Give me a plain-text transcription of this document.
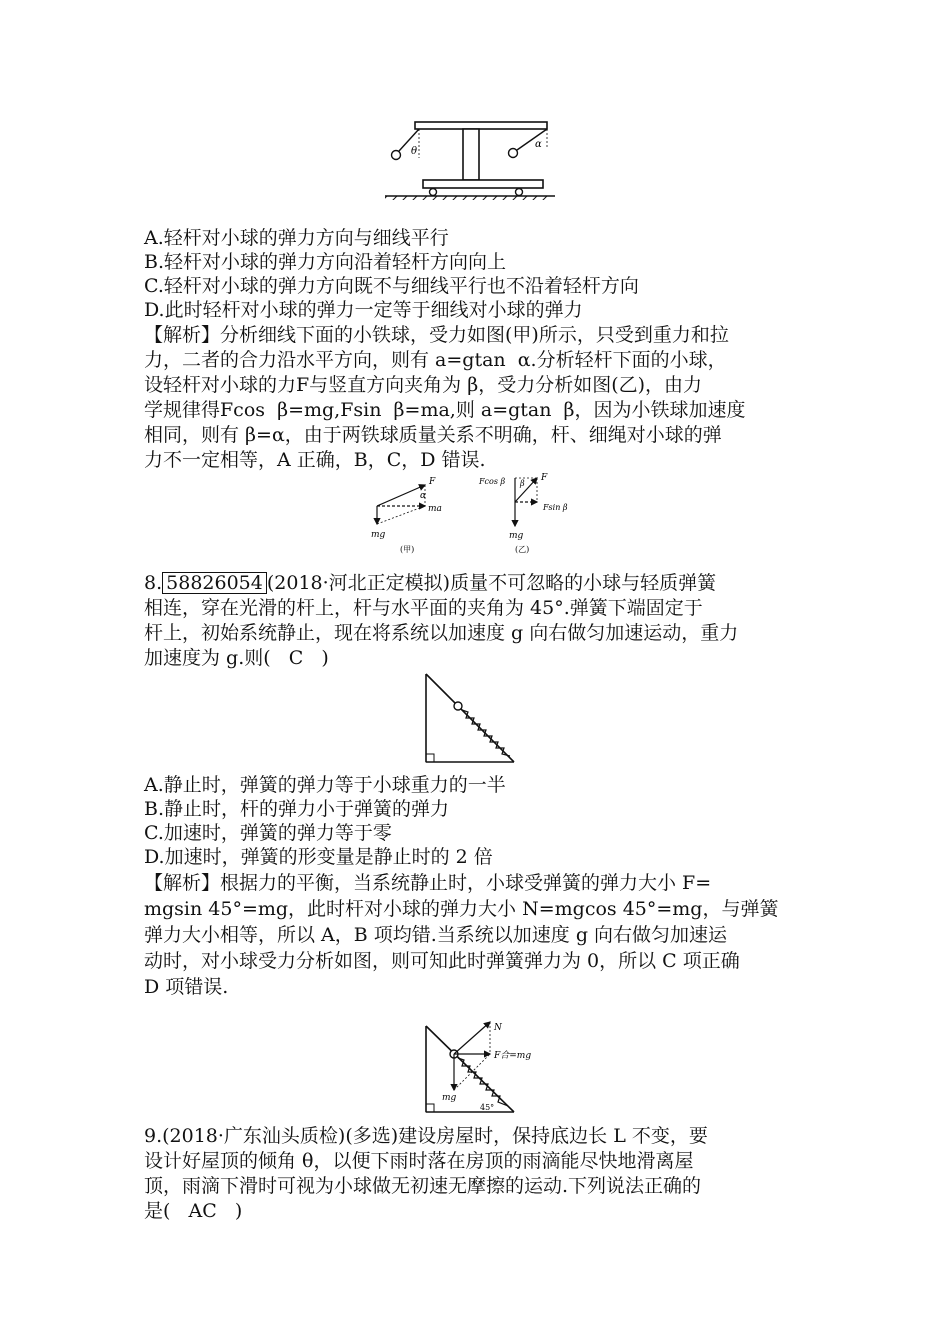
θ
α
A.轻杆对小球的弹力方向与细线平行
B.轻杆对小球的弹力方向沿着轻杆方向向上
C.轻杆对小球的弹力方向既不与细线平行也不沿着轻杆方向
D.此时轻杆对小球的弹力一定等于细线对小球的弹力
【解析】分析细线下面的小铁球，受力如图(甲)所示，只受到重力和拉
力，二者的合力沿水平方向，则有 a=gtan  α.分析轻杆下面的小球，
设轻杆对小球的力F与竖直方向夹角为 β，受力分析如图(乙)，由力
学规律得Fcos  β=mg,Fsin  β=ma,则 a=gtan  β，因为小铁球加速度
相同，则有 β=α，由于两铁球质量关系不明确，杆、细绳对小球的弹
力不一定相等，A 正确，B，C，D 错误.
F
α
ma
mg
(甲)
Fcos β β
F
Fsin β
mg
(乙)
8. 58826054 (2018·河北正定模拟)质量不可忽略的小球与轻质弹簧
相连，穿在光滑的杆上，杆与水平面的夹角为 45°.弹簧下端固定于
杆上，初始系统静止，现在将系统以加速度 g 向右做匀加速运动，重力
加速度为 g.则(   C   )
A.静止时，弹簧的弹力等于小球重力的一半
B.静止时，杆的弹力小于弹簧的弹力
C.加速时，弹簧的弹力等于零
D.加速时，弹簧的形变量是静止时的 2 倍
【解析】根据力的平衡，当系统静止时，小球受弹簧的弹力大小 F=
mgsin 45°=mg，此时杆对小球的弹力大小 N=mgcos 45°=mg，与弹簧
弹力大小相等，所以 A，B 项均错.当系统以加速度 g 向右做匀加速运
动时，对小球受力分析如图，则可知此时弹簧弹力为 0，所以 C 项正确
D 项错误.
N
F合=mg
mg
45°
9.(2018·广东汕头质检)(多选)建设房屋时，保持底边长 L 不变，要
设计好屋顶的倾角 θ，以便下雨时落在房顶的雨滴能尽快地滑离屋
顶，雨滴下滑时可视为小球做无初速无摩擦的运动.下列说法正确的
是(   AC   )
